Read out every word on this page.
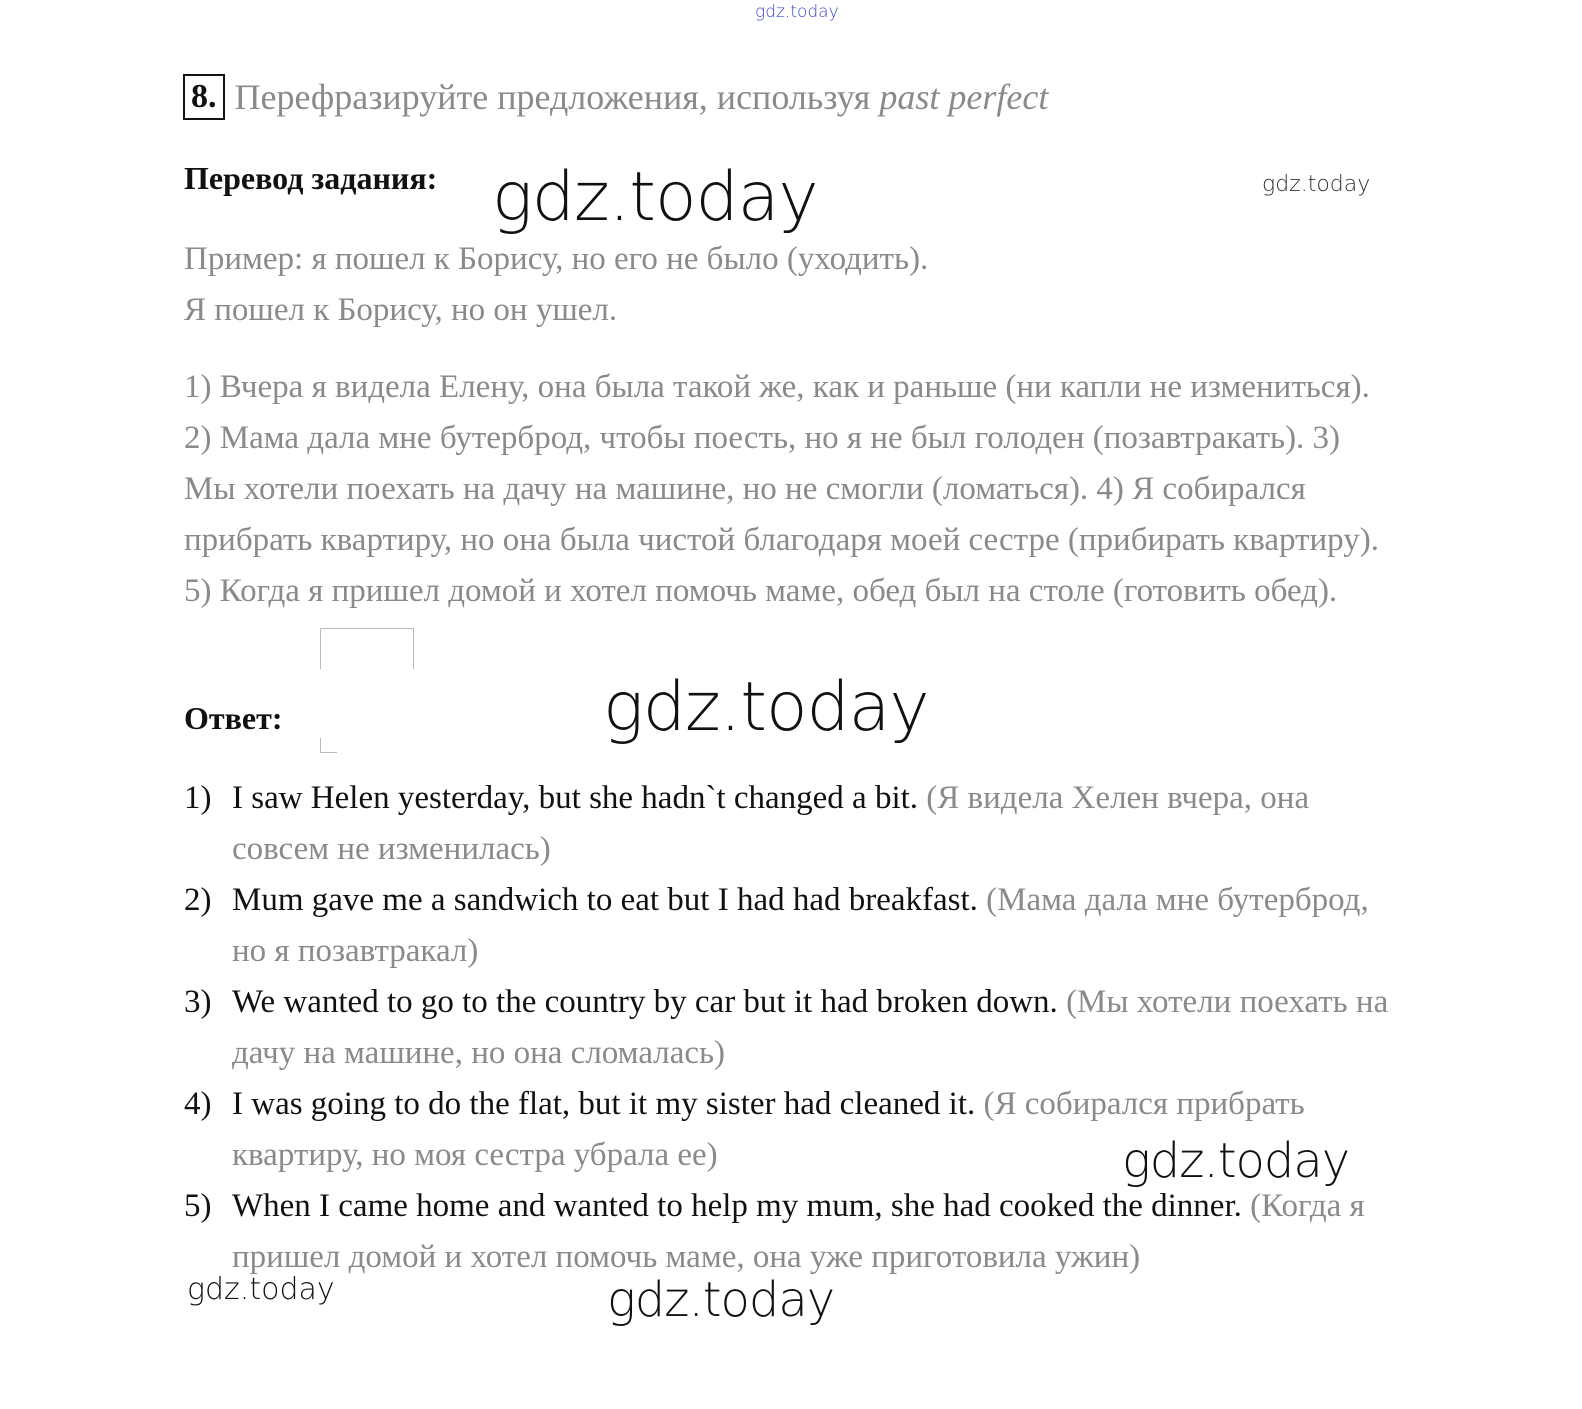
gdz.today
gdz.today	gdz.today
gdz.today
gdz.today
gdz.today	gdz.today
8. Перефразируйте предложения, используя past perfect
Перевод задания:
Пример: я пошел к Борису, но его не было (уходить).
Я пошел к Борису, но он ушел.
1) Вчера я видела Елену, она была такой же, как и раньше (ни капли не измениться). 2) Мама дала мне бутерброд, чтобы поесть, но я не был голоден (позавтракать). 3) Мы хотели поехать на дачу на машине, но не смогли (ломаться). 4) Я собирался прибрать квартиру, но она была чистой благодаря моей сестре (прибирать квартиру). 5) Когда я пришел домой и хотел помочь маме, обед был на столе (готовить обед).
Ответ:
1) I saw Helen yesterday, but she hadn`t changed a bit. (Я видела Хелен вчера, она совсем не изменилась)
2) Mum gave me a sandwich to eat but I had had breakfast. (Мама дала мне бутерброд, но я позавтракал)
3) We wanted to go to the country by car but it had broken down. (Мы хотели поехать на дачу на машине, но она сломалась)
4) I was going to do the flat, but it my sister had cleaned it. (Я собирался прибрать квартиру, но моя сестра убрала ее)
5) When I came home and wanted to help my mum, she had cooked the dinner. (Когда я пришел домой и хотел помочь маме, она уже приготовила ужин)
